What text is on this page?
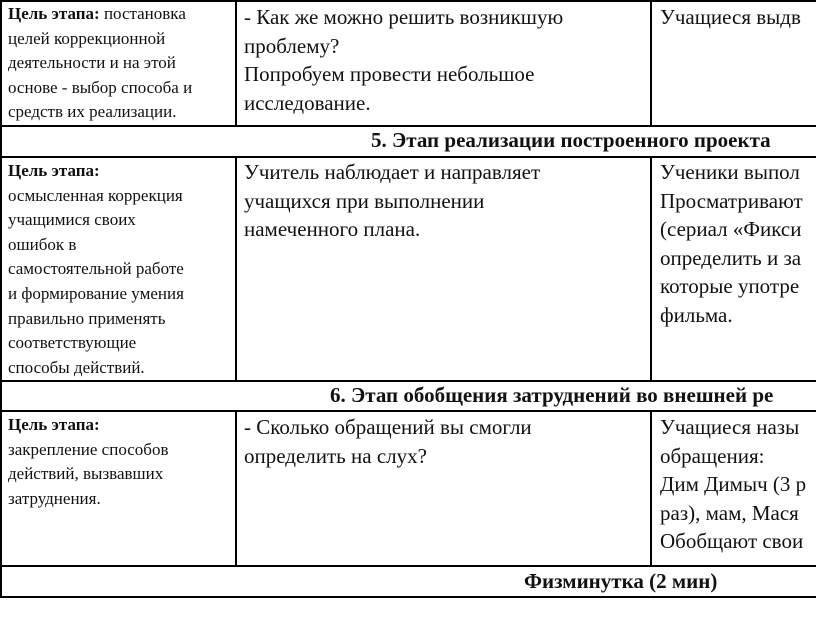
Цель этапа: постановка
целей коррекционной
деятельности и на этой
основе - выбор способа и
средств их реализации.
- Как же можно решить возникшую
проблему?
Попробуем провести небольшое
исследование.
Учащиеся выдв
5. Этап реализации построенного проекта
Цель этапа:
осмысленная коррекция
учащимися своих
ошибок в
самостоятельной работе
и формирование умения
правильно применять
соответствующие
способы действий.
Учитель наблюдает и направляет
учащихся при выполнении
намеченного плана.
Ученики выпол
Просматривают
(сериал «Фикси
определить и за
которые употре
фильма.
6. Этап обобщения затруднений во внешней ре
Цель этапа:
закрепление способов
действий, вызвавших
затруднения.
- Сколько обращений вы смогли
определить на слух?
Учащиеся назы
обращения:
Дим Димыч (3 р
раз), мам, Мася
Обобщают свои
Физминутка (2 мин)
